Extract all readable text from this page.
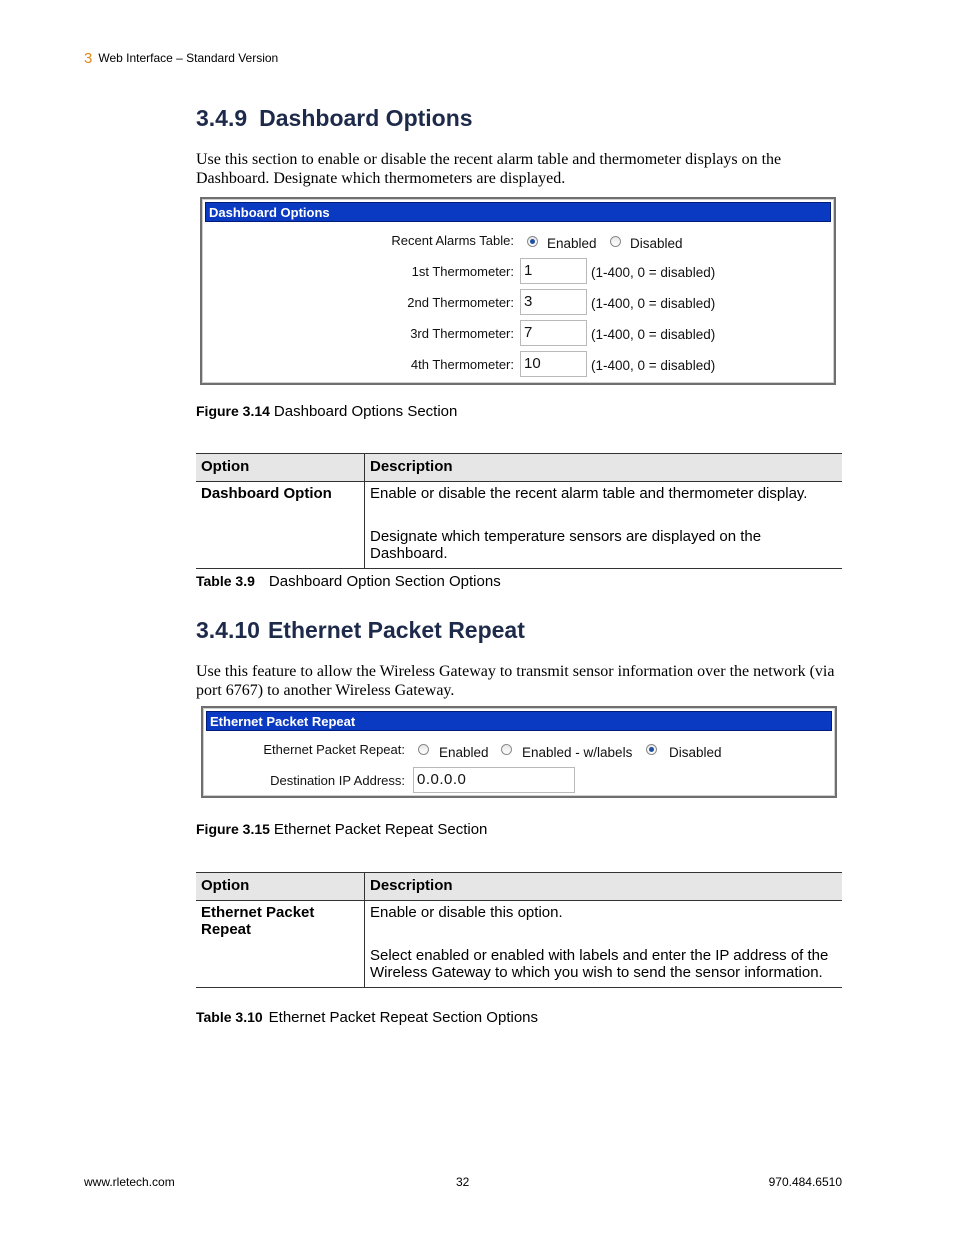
3 Web Interface – Standard Version
3.4.9 Dashboard Options

Use this section to enable or disable the recent alarm table and thermometer displays on the Dashboard. Designate which thermometers are displayed.

Dashboard Options
Recent Alarms Table: Enabled Disabled
1st Thermometer: 1	(1-400, 0 = disabled)
2nd Thermometer: 3	(1-400, 0 = disabled)
3rd Thermometer: 7	(1-400, 0 = disabled)
4th Thermometer: 10	(1-400, 0 = disabled)
Figure 3.14 Dashboard Options Section
Option	Description
Dashboard Option	Enable or disable the recent alarm table and thermometer display.

Designate which temperature sensors are displayed on the Dashboard.

Table 3.9 Dashboard Option Section Options
3.4.10 Ethernet Packet Repeat

Use this feature to allow the Wireless Gateway to transmit sensor information over the network (via port 6767) to another Wireless Gateway.

Ethernet Packet Repeat
Ethernet Packet Repeat:	Enabled Enabled - w/labels	Disabled
Destination IP Address: 0.0.0.0
Figure 3.15 Ethernet Packet Repeat Section
Option	Description
Ethernet Packet Repeat	Enable or disable this option.

Select enabled or enabled with labels and enter the IP address of the Wireless Gateway to which you wish to send the sensor information.

Table 3.10 Ethernet Packet Repeat Section Options
www.rletech.com	32	970.484.6510
